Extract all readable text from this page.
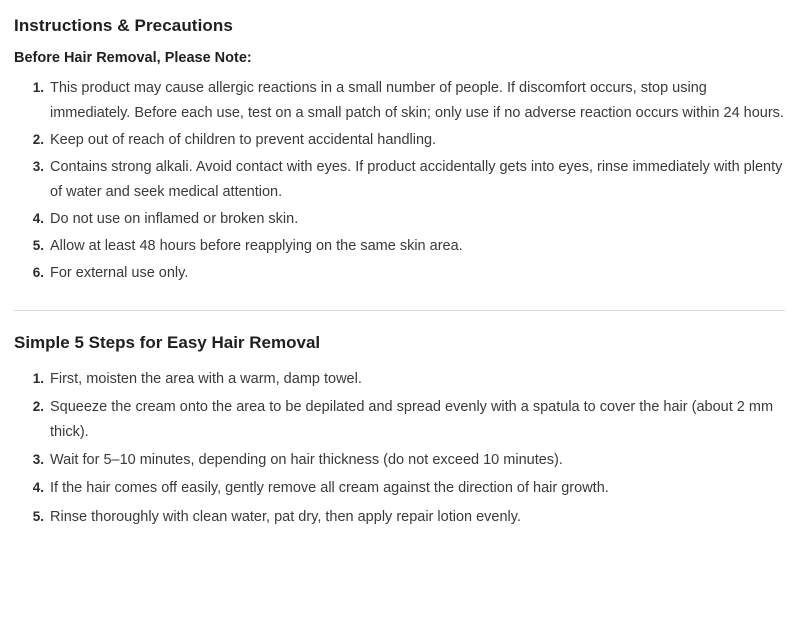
Instructions & Precautions

Before Hair Removal, Please Note:

This product may cause allergic reactions in a small number of people. If discomfort occurs, stop using immediately. Before each use, test on a small patch of skin; only use if no adverse reaction occurs within 24 hours.
Keep out of reach of children to prevent accidental handling.
Contains strong alkali. Avoid contact with eyes. If product accidentally gets into eyes, rinse immediately with plenty of water and seek medical attention.
Do not use on inflamed or broken skin.
Allow at least 48 hours before reapplying on the same skin area.
For external use only.
Simple 5 Steps for Easy Hair Removal
First, moisten the area with a warm, damp towel.
Squeeze the cream onto the area to be depilated and spread evenly with a spatula to cover the hair (about 2 mm thick).
Wait for 5–10 minutes, depending on hair thickness (do not exceed 10 minutes).
If the hair comes off easily, gently remove all cream against the direction of hair growth.
Rinse thoroughly with clean water, pat dry, then apply repair lotion evenly.
